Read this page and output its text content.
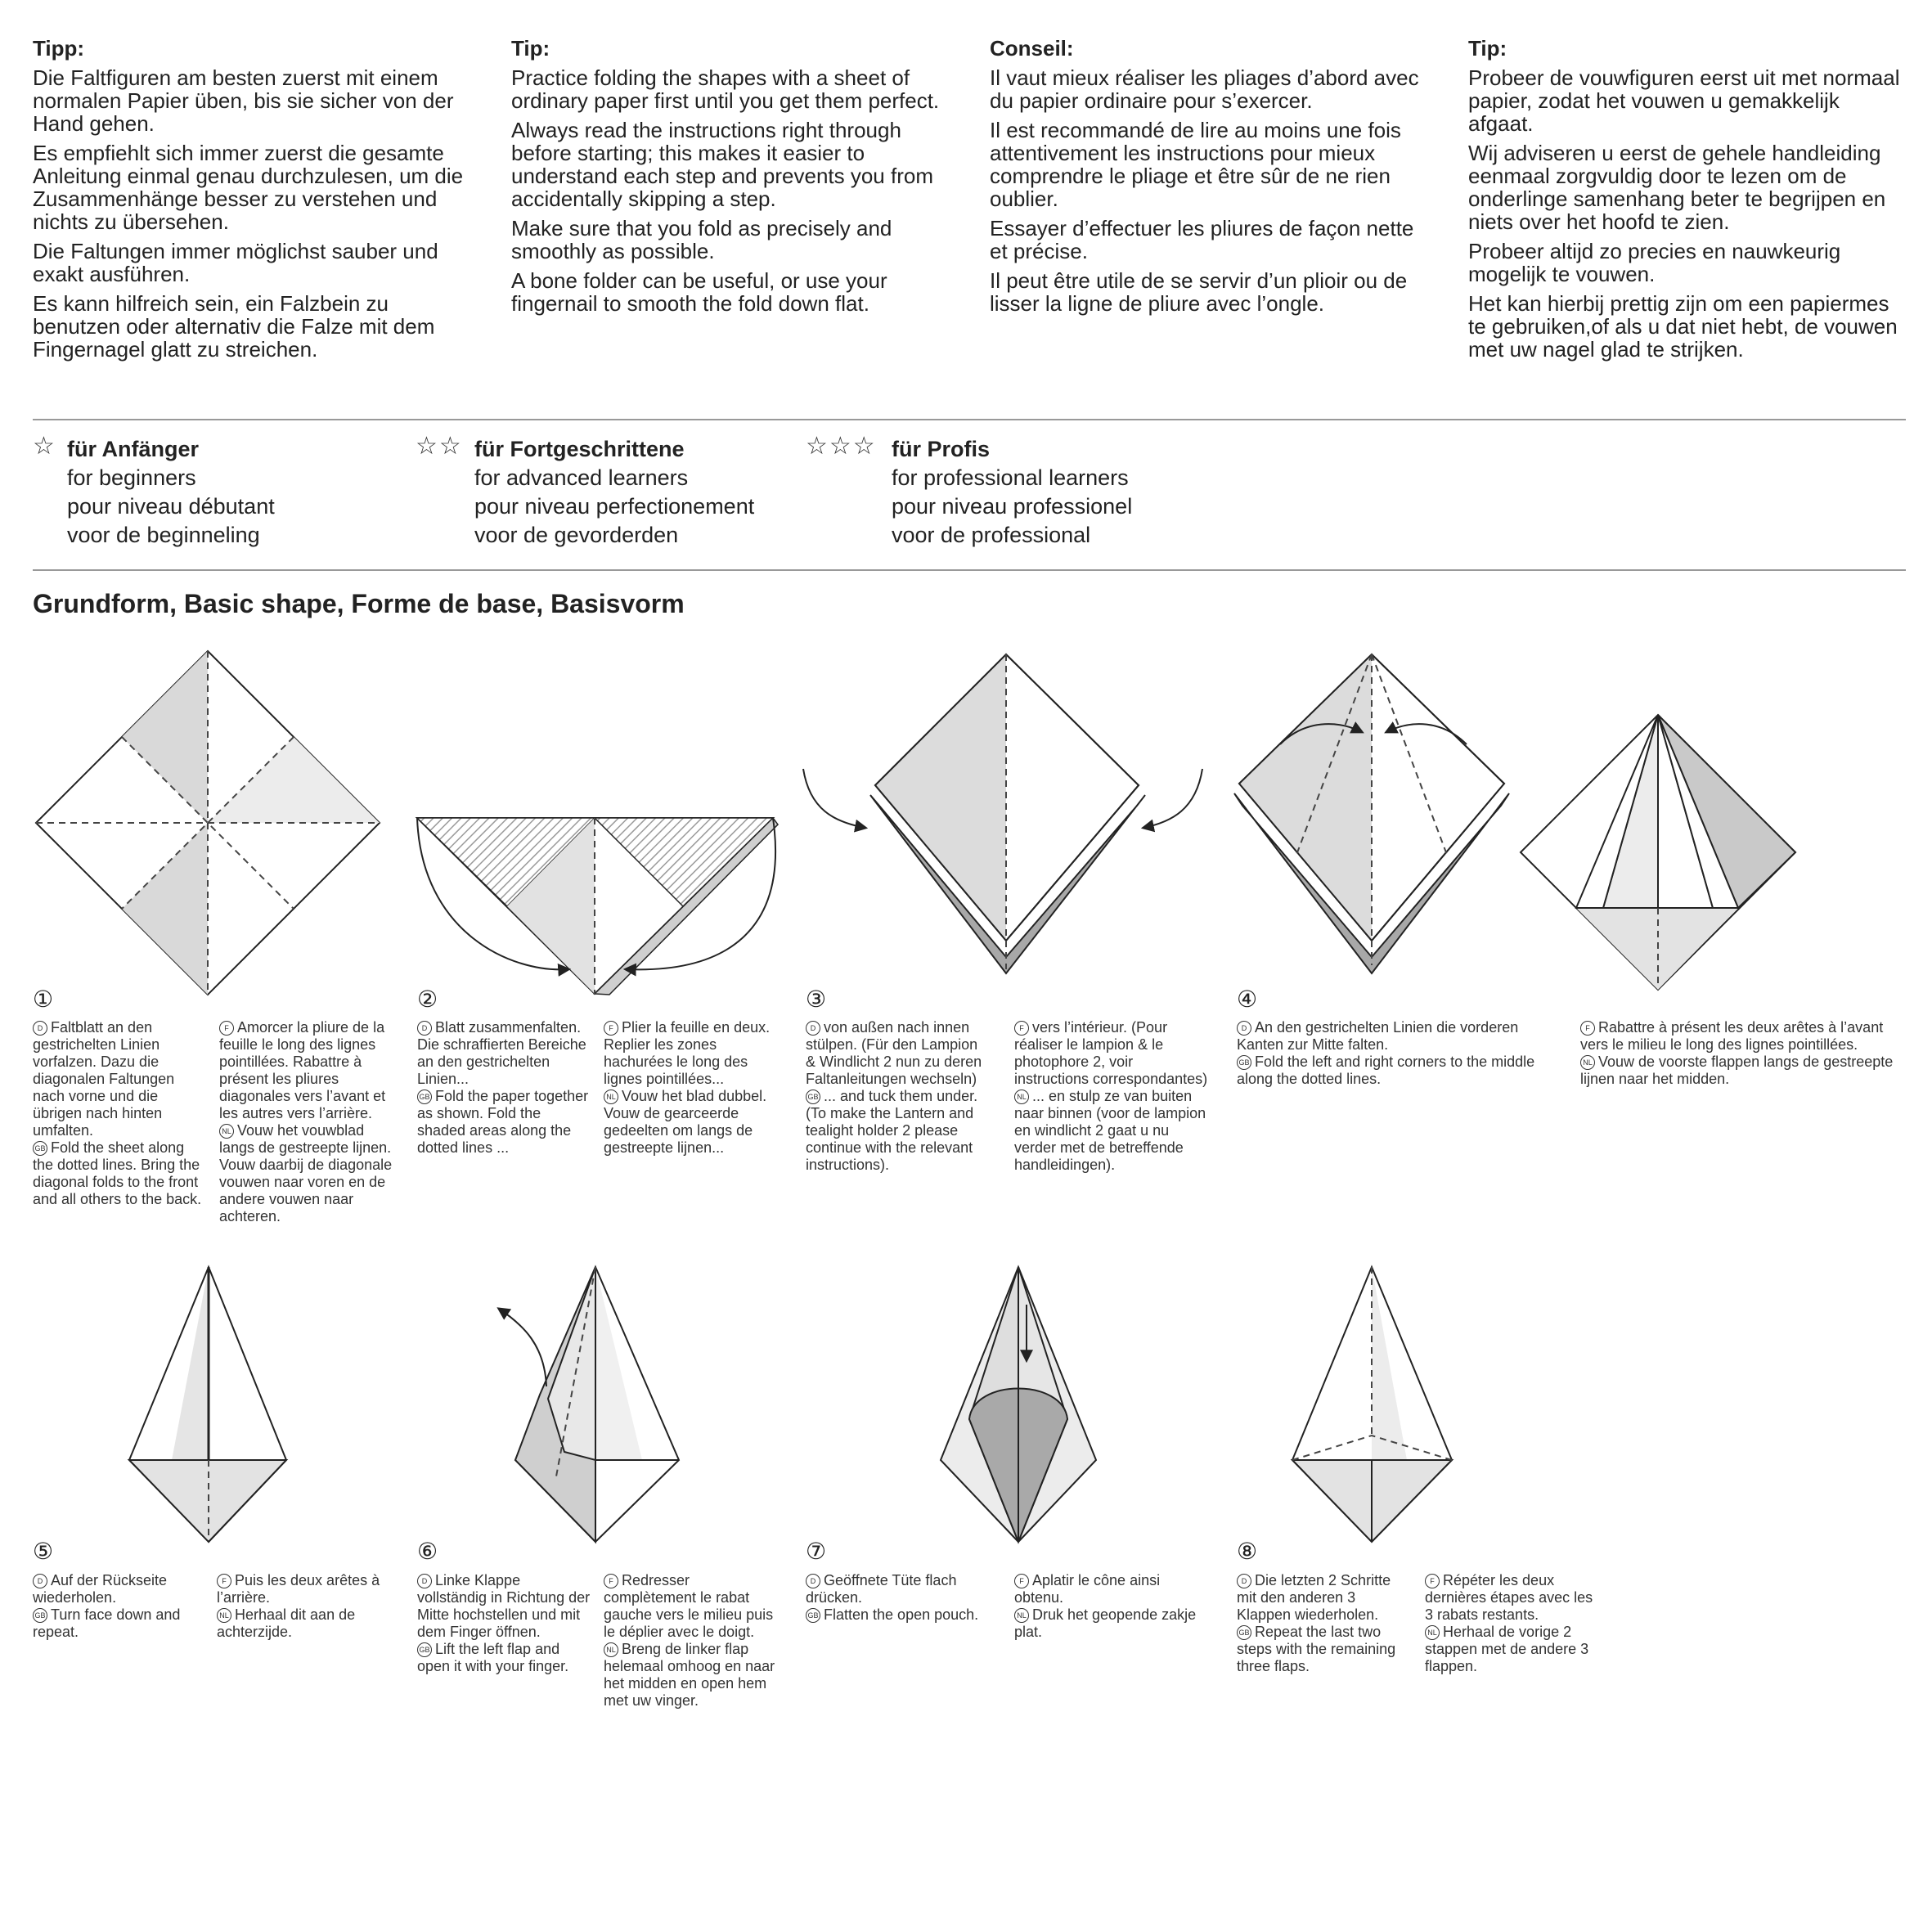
Tipp:

Die Faltfiguren am besten zuerst mit einem normalen Papier üben, bis sie sicher von der Hand gehen.

Es empfiehlt sich immer zuerst die gesamte Anleitung einmal genau durchzulesen, um die Zusammenhänge besser zu verstehen und nichts zu übersehen.

Die Faltungen immer möglichst sauber und exakt ausführen.

Es kann hilfreich sein, ein Falzbein zu benutzen oder alternativ die Falze mit dem Fingernagel glatt zu streichen.

Tip:

Practice folding the shapes with a sheet of ordinary paper first until you get them perfect.

Always read the instructions right through before starting; this makes it easier to understand each step and prevents you from accidentally skipping a step.

Make sure that you fold as precisely and smoothly as possible.

A bone folder can be useful, or use your fingernail to smooth the fold down flat.

Conseil:

Il vaut mieux réaliser les pliages d’abord avec du papier ordinaire pour s’exercer.

Il est recommandé de lire au moins une fois attentivement les instructions pour mieux comprendre le pliage et être sûr de ne rien oublier.

Essayer d’effectuer les pliures de façon nette et précise.

Il peut être utile de se servir d’un plioir ou de lisser la ligne de pliure avec l’ongle.

Tip:

Probeer de vouwfiguren eerst uit met normaal papier, zodat het vouwen u gemakkelijk afgaat.

Wij adviseren u eerst de gehele handleiding eenmaal zorgvuldig door te lezen om de onderlinge samenhang beter te begrijpen en niets over het hoofd te zien.

Probeer altijd zo precies en nauwkeurig mogelijk te vouwen.

Het kan hierbij prettig zijn om een papiermes te gebruiken,of als u dat niet hebt, de vouwen met uw nagel glad te strijken.

☆ für Anfänger
for beginners
pour niveau débutant
voor de beginneling
☆☆ für Fortgeschrittene
for advanced learners
pour niveau perfectionement
voor de gevorderden
☆☆☆ für Profis
for professional learners
pour niveau professionel
voor de professional
Grundform, Basic shape, Forme de base, Basisvorm
①

D Faltblatt an den gestrichelten Linien vorfalzen. Dazu die diagonalen Faltungen nach vorne und die übrigen nach hinten umfalten.

GB Fold the sheet along the dotted lines. Bring the diagonal folds to the front and all others to the back.

F Amorcer la pliure de la feuille le long des lignes pointillées. Rabattre à présent les pliures diagonales vers l’avant et les autres vers l’arrière.

NL Vouw het vouwblad langs de gestreepte lijnen. Vouw daarbij de diagonale vouwen naar voren en de andere vouwen naar achteren.

②

D Blatt zusammenfalten. Die schraffierten Bereiche an den gestrichelten Linien...

GB Fold the paper together as shown. Fold the shaded areas along the dotted lines ...

F Plier la feuille en deux. Replier les zones hachurées le long des lignes pointillées...

NL Vouw het blad dubbel. Vouw de gearceerde gedeelten om langs de gestreepte lijnen...

③

D von außen nach innen stülpen. (Für den Lampion & Windlicht 2 nun zu deren Faltanleitungen wechseln)

GB ... and tuck them under. (To make the Lantern and tealight holder 2 please continue with the relevant instructions).

F vers l’intérieur. (Pour réaliser le lampion & le photophore 2, voir instructions correspondantes)

NL ... en stulp ze van buiten naar binnen (voor de lampion en windlicht 2 gaat u nu verder met de betreffende handleidingen).

④

D An den gestrichelten Linien die vorderen Kanten zur Mitte falten.

GB Fold the left and right corners to the middle along the dotted lines.

F Rabattre à présent les deux arêtes à l’avant vers le milieu le long des lignes pointillées.

NL Vouw de voorste flappen langs de gestreepte lijnen naar het midden.

⑤

D Auf der Rückseite wiederholen.

GB Turn face down and repeat.

F Puis les deux arêtes à l’arrière.

NL Herhaal dit aan de achterzijde.

⑥

D Linke Klappe vollständig in Richtung der Mitte hochstellen und mit dem Finger öffnen.

GB Lift the left flap and open it with your finger.

F Redresser complètement le rabat gauche vers le milieu puis le déplier avec le doigt.

NL Breng de linker flap helemaal omhoog en naar het midden en open hem met uw vinger.

⑦

D Geöffnete Tüte flach drücken.

GB Flatten the open pouch.

F Aplatir le cône ainsi obtenu.

NL Druk het geopende zakje plat.

⑧

D Die letzten 2 Schritte mit den anderen 3 Klappen wiederholen.

GB Repeat the last two steps with the remaining three flaps.

F Répéter les deux dernières étapes avec les 3 rabats restants.

NL Herhaal de vorige 2 stappen met de andere 3 flappen.
